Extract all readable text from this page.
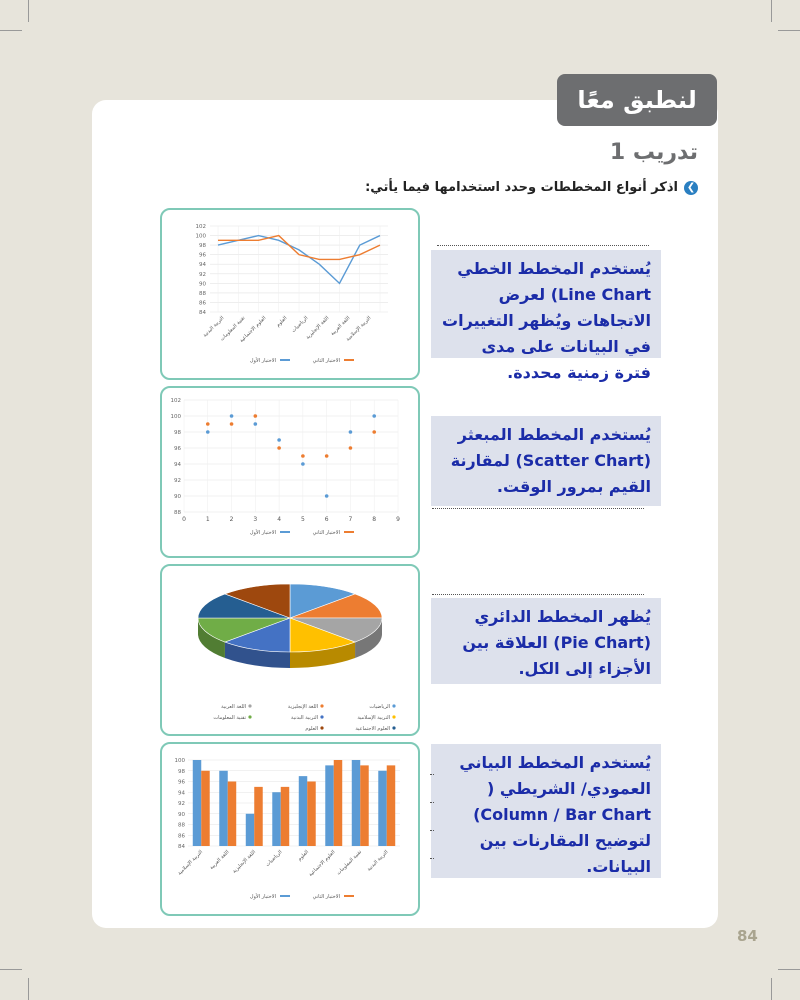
لنطبق معًا
تدريب 1
❯
اذكر أنواع المخططات وحدد استخدامها فيما يأتي:
84
86
88
90
92
94
96
98
100
102
التربية البدنية
تقنية المعلومات
العلوم الاجتماعية العلوم الرياضيات
اللغة الإنجليزية اللغة العربية
التربية الإسلامية
الاختبار الأول	الاختبار الثاني
88
90
92
94
96
98
100
102
0	1	2	3	4	5	6	7	8	9
الاختبار الأول	الاختبار الثاني
الرياضيات
اللغة الإنجليزية
اللغة العربية
التربية الإسلامية
التربية البدنية
تقنية المعلومات
العلوم الاجتماعية
العلوم
84
86
88
90
92
94
96
98
100
التربية الإسلامية اللغة العربية اللغة الإنجليزية الرياضيات	العلوم
العلوم الاجتماعية تقنية المعلومات التربية البدنية
الاختبار الأول	الاختبار الثاني
يُستخدم المخطط الخطي Line Chart) لعرض الاتجاهات ويُظهر التغييرات في البيانات على مدى فترة زمنية محددة.
يُستخدم المخطط المبعثر (Scatter Chart) لمقارنة القيم بمرور الوقت.
يُظهر المخطط الدائري (Pie Chart) العلاقة بين الأجزاء إلى الكل.
يُستخدم المخطط البياني العمودي/ الشريطي ( Column / Bar Chart) لتوضيح المقارنات بين البيانات.
84
